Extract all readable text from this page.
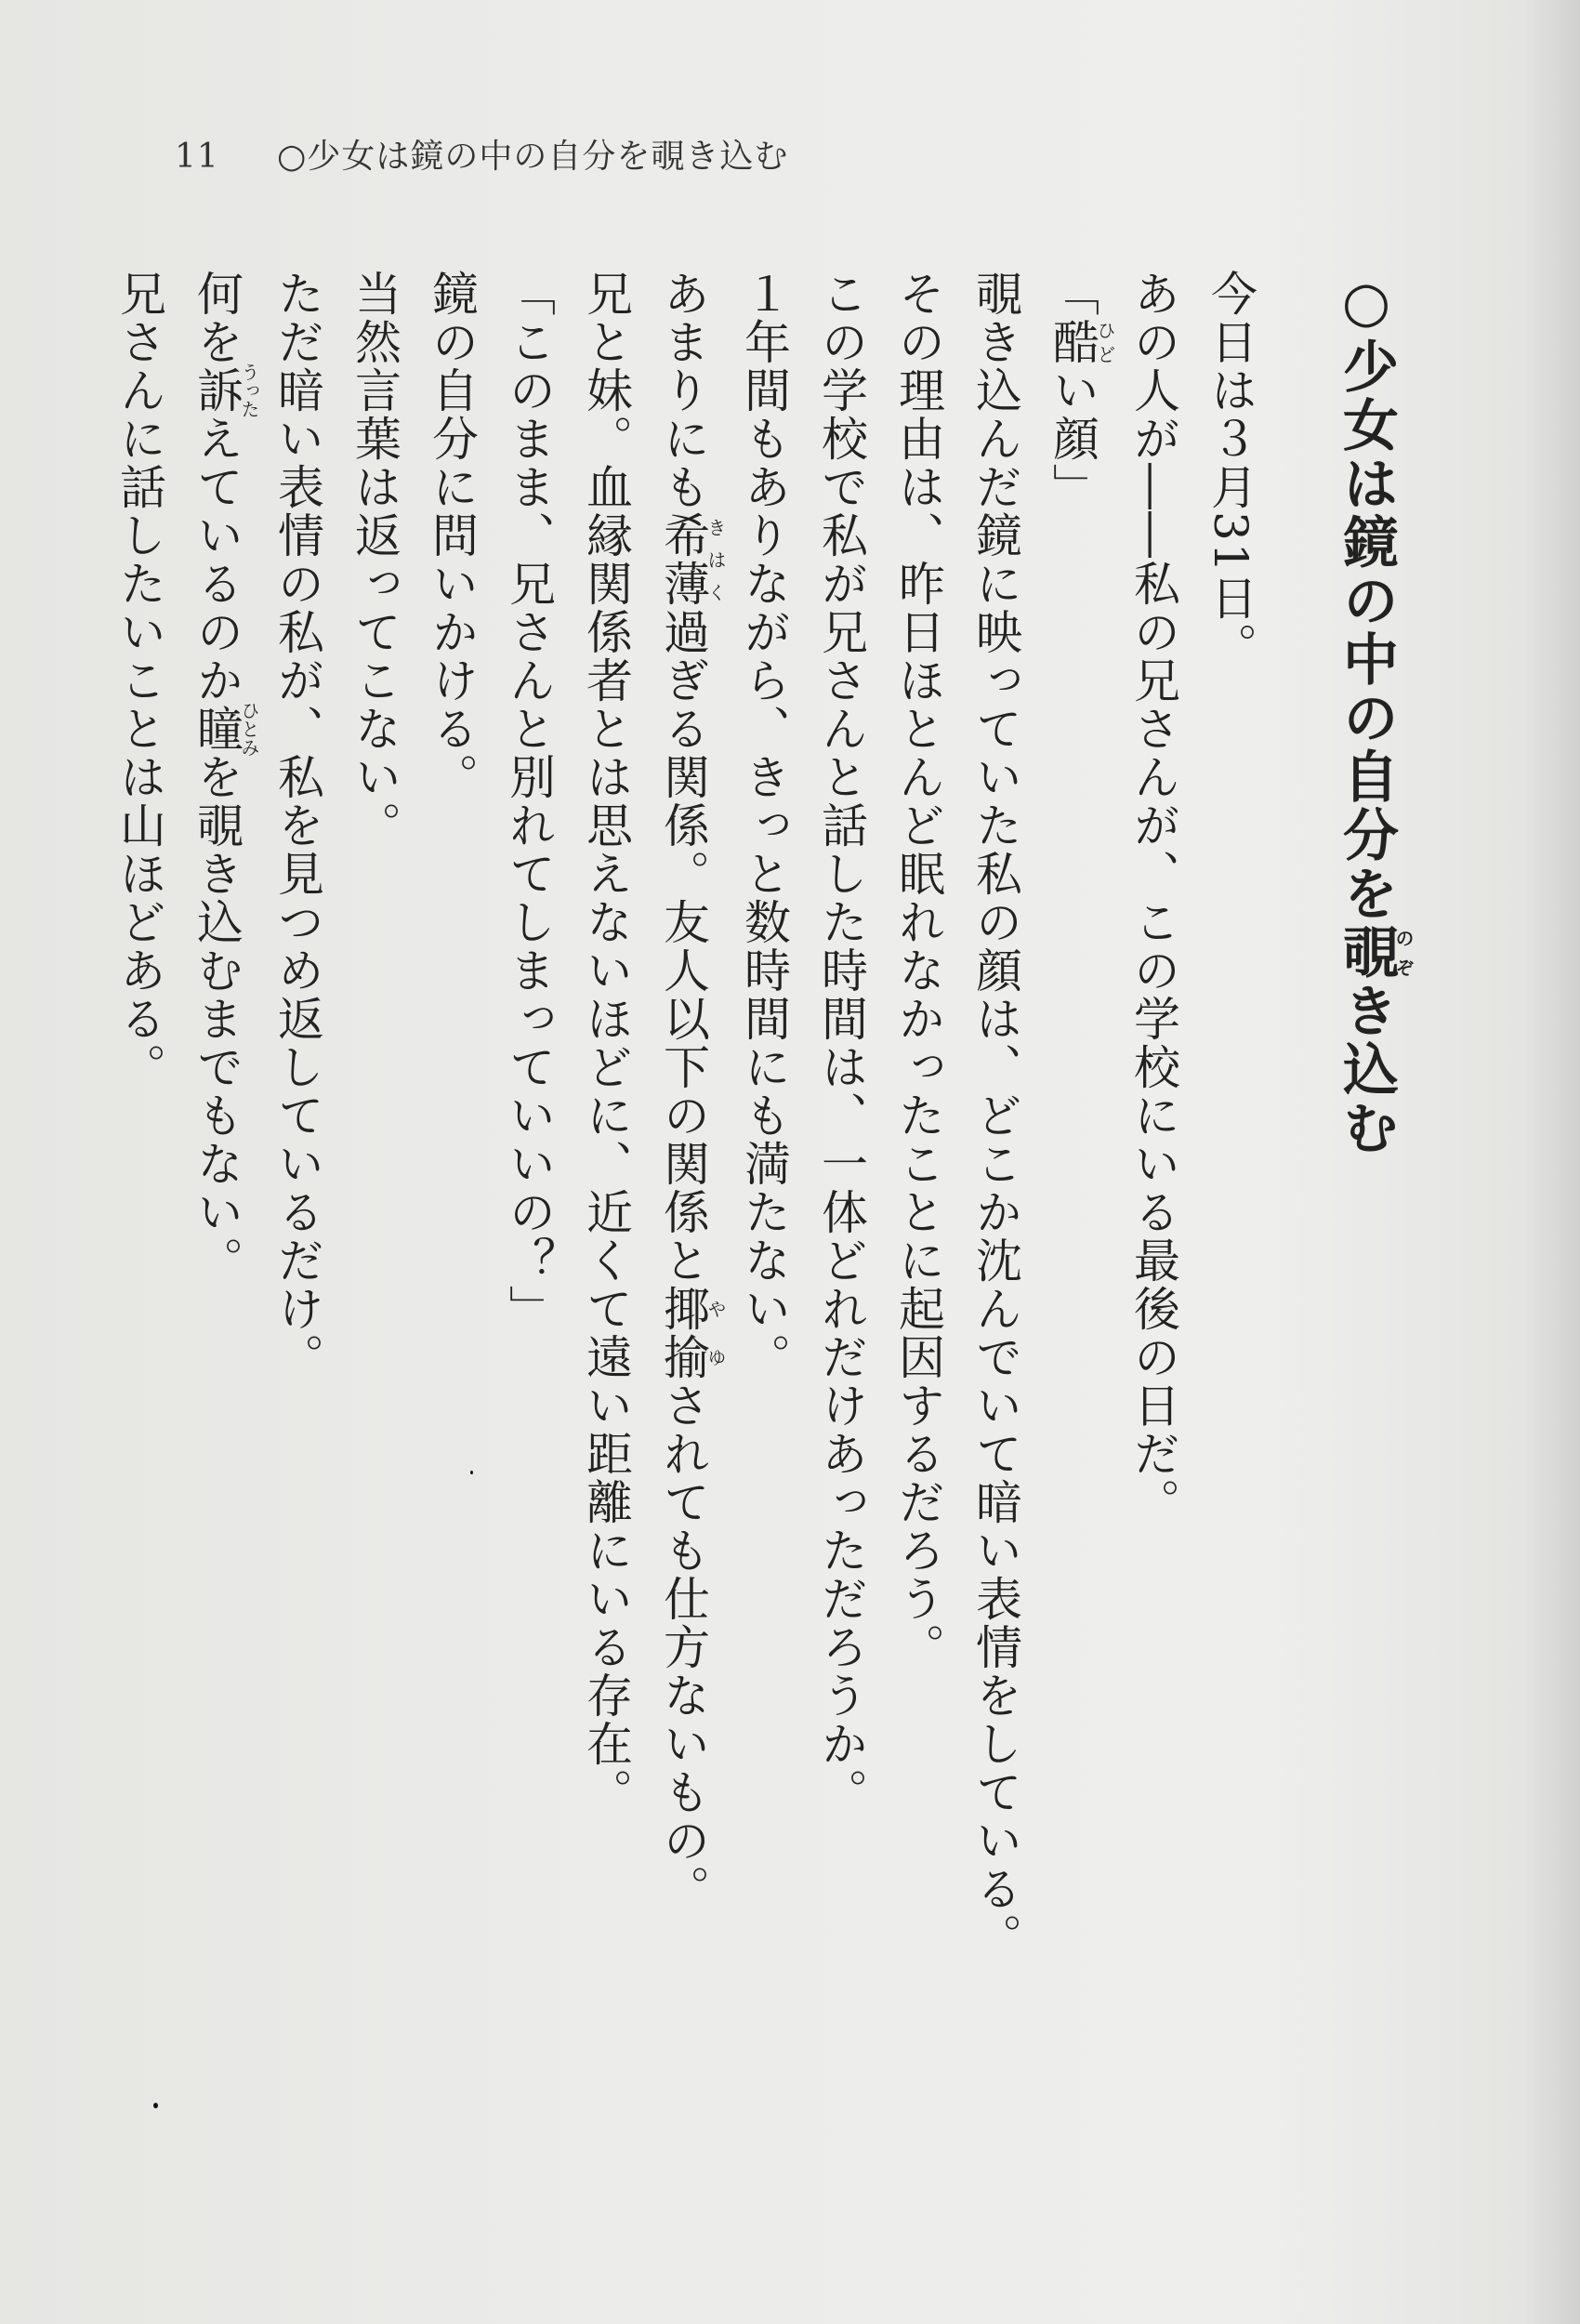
11 ○少女は鏡の中の自分を覗き込む
○少女は鏡の中の自分を覗のぞき込む
今日は３月31日。
あの人が――私の兄さんが、この学校にいる最後の日だ。
「酷ひどい顔」
覗き込んだ鏡に映っていた私の顔は、どこか沈んでいて暗い表情をしている。
その理由は、昨日ほとんど眠れなかったことに起因するだろう。
この学校で私が兄さんと話した時間は、一体どれだけあっただろうか。
１年間もありながら、きっと数時間にも満たない。
あまりにも希薄きはく過ぎる関係。友人以下の関係と揶揄やゆされても仕方ないもの。
兄と妹。血縁関係者とは思えないほどに、近くて遠い距離にいる存在。
「このまま、兄さんと別れてしまっていいの？」
鏡の自分に問いかける。
当然言葉は返ってこない。
ただ暗い表情の私が、私を見つめ返しているだけ。
何を訴うったえているのか瞳ひとみを覗き込むまでもない。
兄さんに話したいことは山ほどある。
